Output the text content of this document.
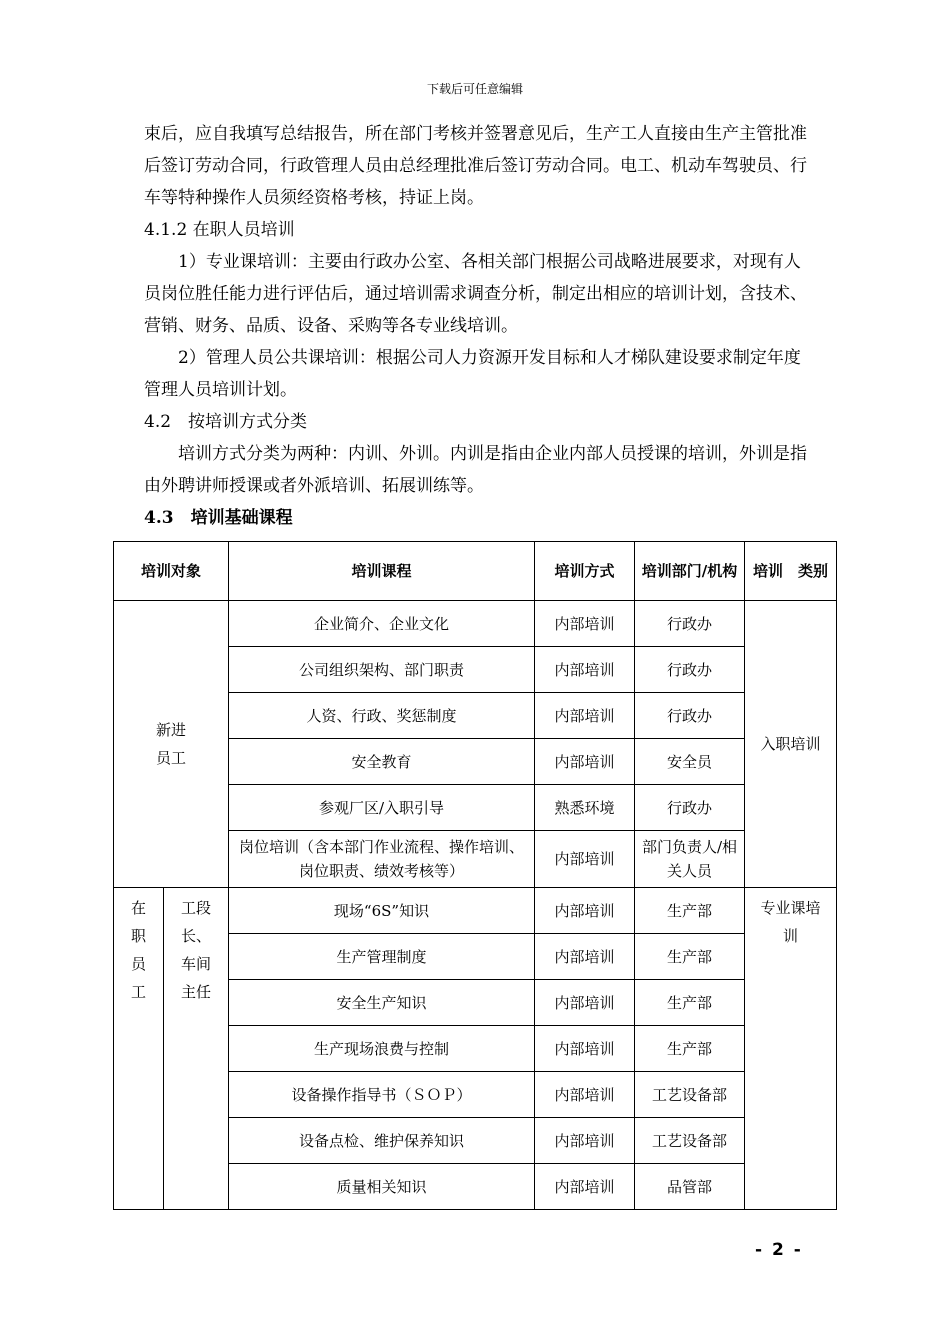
下载后可任意编辑

束后，应自我填写总结报告，所在部门考核并签署意见后，生产工人直接由生产主管批准后签订劳动合同，行政管理人员由总经理批准后签订劳动合同。电工、机动车驾驶员、行车等特种操作人员须经资格考核，持证上岗。

4.1.2 在职人员培训

1）专业课培训：主要由行政办公室、各相关部门根据公司战略进展要求，对现有人员岗位胜任能力进行评估后，通过培训需求调查分析，制定出相应的培训计划，含技术、营销、财务、品质、设备、采购等各专业线培训。

2）管理人员公共课培训：根据公司人力资源开发目标和人才梯队建设要求制定年度管理人员培训计划。

4.2　按培训方式分类

培训方式分类为两种：内训、外训。内训是指由企业内部人员授课的培训，外训是指由外聘讲师授课或者外派培训、拓展训练等。

4.3　培训基础课程

培训对象		培训课程	培训方式	培训部门/机构	培训　类别
新进员工		企业简介、企业文化	内部培训	行政办	入职培训
		公司组织架构、部门职责	内部培训	行政办	
		人资、行政、奖惩制度	内部培训	行政办	
		安全教育	内部培训	安全员	
		参观厂区/入职引导	熟悉环境	行政办	
		岗位培训（含本部门作业流程、操作培训、岗位职责、绩效考核等）	内部培训	部门负责人/相关人员	
在职员工	工段长、车间主任	现场“6S”知识	内部培训	生产部	专业课培训
		生产管理制度	内部培训	生产部	
		安全生产知识	内部培训	生产部	
		生产现场浪费与控制	内部培训	生产部	
		设备操作指导书（ＳＯＰ）	内部培训	工艺设备部	
		设备点检、维护保养知识	内部培训	工艺设备部	
		质量相关知识	内部培训	品管部	
- 2 -
